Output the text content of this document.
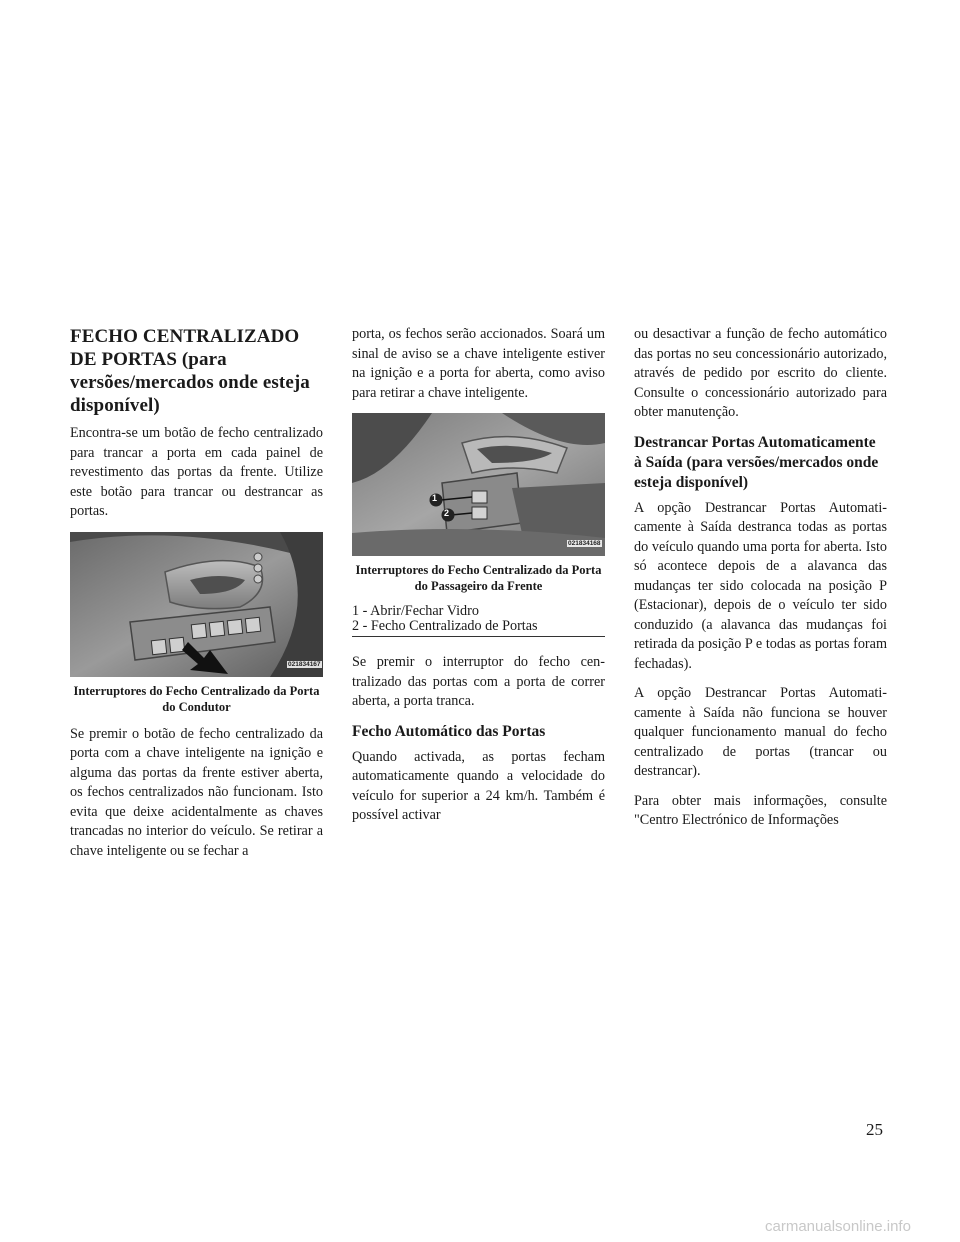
FECHO CENTRALIZADO DE PORTAS (para versões/mercados onde esteja disponível)

Encontra-se um botão de fecho centralizado para trancar a porta em cada painel de revestimento das portas da frente. Utilize este botão para trancar ou destrancar as portas.

021834167

Interruptores do Fecho Centralizado da Porta do Condutor

Se premir o botão de fecho centralizado da porta com a chave inteligente na ignição e alguma das portas da frente estiver aberta, os fechos centralizados não funcionam. Isto evita que deixe acidentalmente as chaves trancadas no interior do veículo. Se retirar a chave inteligente ou se fechar a

porta, os fechos serão accionados. Soará um sinal de aviso se a chave inteligente estiver na ignição e a porta for aberta, como aviso para retirar a chave inteligente.

1
2
021834168

Interruptores do Fecho Centralizado da Porta do Passageiro da Frente

1 - Abrir/Fechar Vidro

2 - Fecho Centralizado de Portas

Se premir o interruptor do fecho centralizado das portas com a porta de correr aberta, a porta tranca.

Fecho Automático das Portas

Quando activada, as portas fecham automaticamente quando a velocidade do veículo for superior a 24 km/h. Também é possível activar

ou desactivar a função de fecho automático das portas no seu concessionário autorizado, através de pedido por escrito do cliente. Consulte o concessionário autorizado para obter manutenção.

Destrancar Portas Automaticamente à Saída (para versões/mercados onde esteja disponível)

A opção Destrancar Portas Automaticamente à Saída destranca todas as portas do veículo quando uma porta for aberta. Isto só acontece depois de a alavanca das mudanças ter sido colocada na posição P (Estacionar), depois de o veículo ter sido conduzido (a alavanca das mudanças foi retirada da posição P e todas as portas foram fechadas).

A opção Destrancar Portas Automaticamente à Saída não funciona se houver qualquer funcionamento manual do fecho centralizado de portas (trancar ou destrancar).

Para obter mais informações, consulte "Centro Electrónico de Informações

25
carmanualsonline.info
